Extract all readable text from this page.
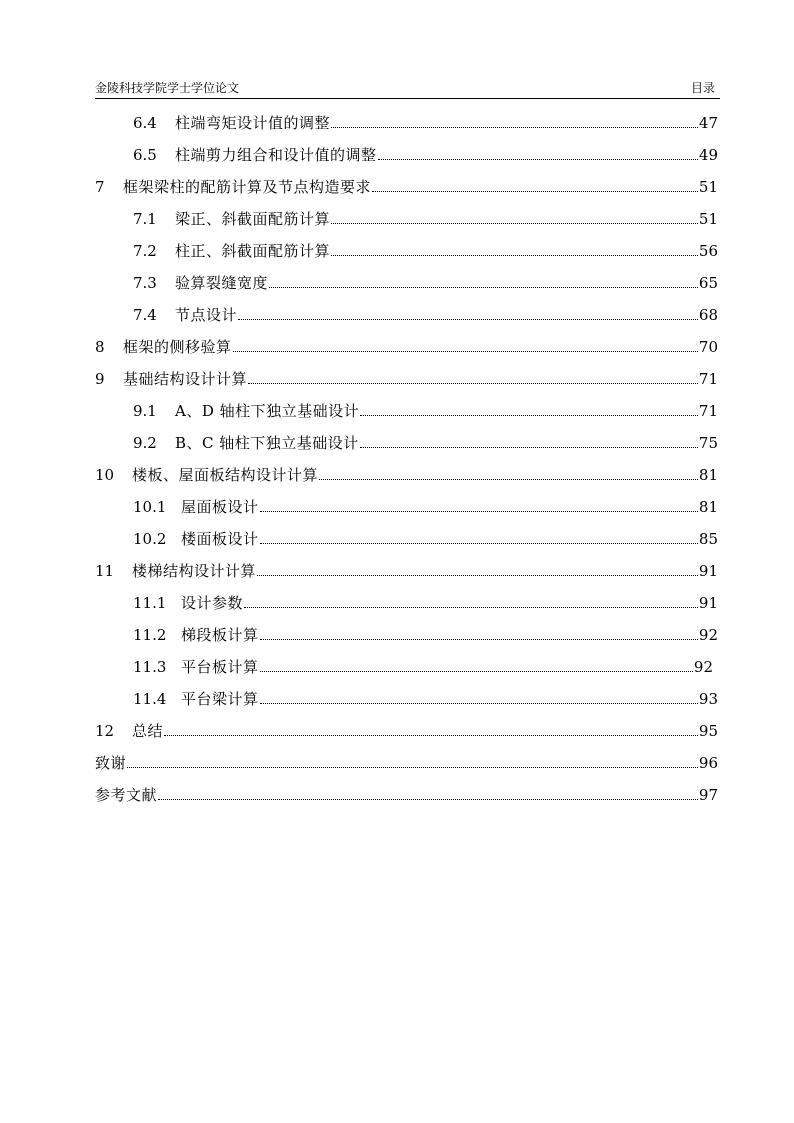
金陵科技学院学士学位论文	目录
6.4	柱端弯矩设计值的调整	47
6.5	柱端剪力组合和设计值的调整	49
7	框架梁柱的配筋计算及节点构造要求	51
7.1	梁正、斜截面配筋计算	51
7.2	柱正、斜截面配筋计算	56
7.3	验算裂缝宽度	65
7.4	节点设计	68
8	框架的侧移验算	70
9	基础结构设计计算	71
9.1	A、D 轴柱下独立基础设计	71
9.2	B、C 轴柱下独立基础设计	75
10	楼板、屋面板结构设计计算	81
10.1 屋面板设计	81
10.2 楼面板设计	85
11	楼梯结构设计计算	91
11.1 设计参数	91
11.2 梯段板计算	92
11.3 平台板计算	92
11.4 平台梁计算	93
12	总结	95
致谢	96
参考文献	97
